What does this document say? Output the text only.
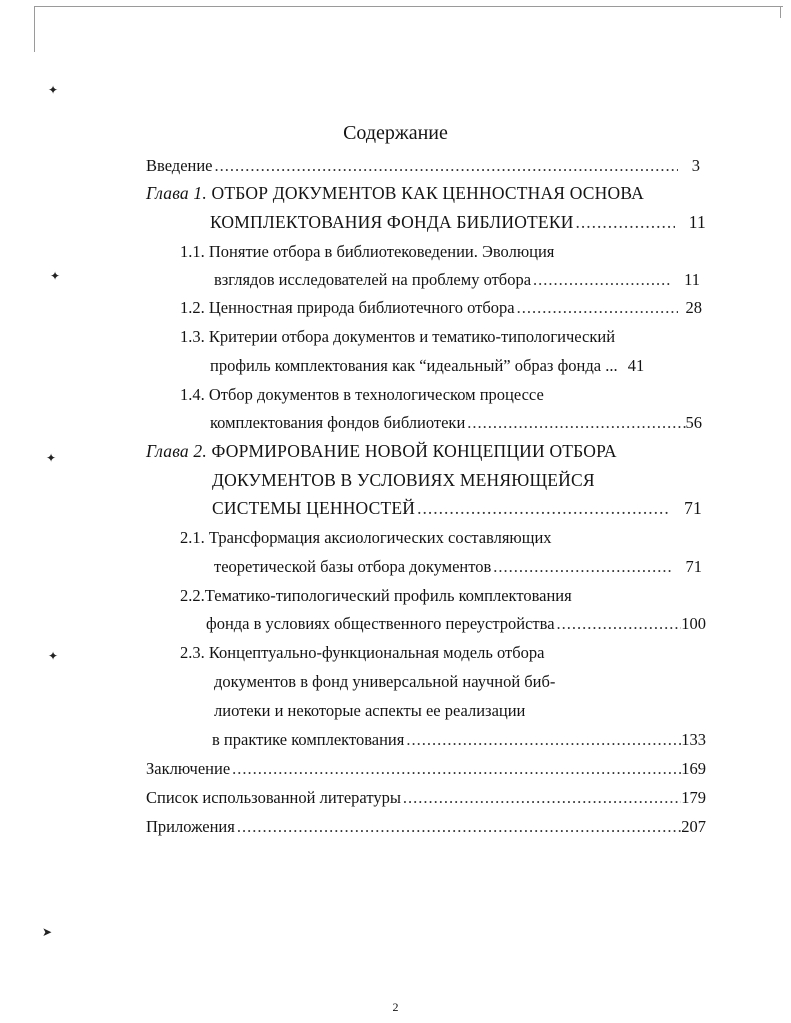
✦
✦
✦
✦
➤
Содержание
Введение .....	3
Глава 1. ОТБОР ДОКУМЕНТОВ КАК ЦЕННОСТНАЯ ОСНОВА
КОМПЛЕКТОВАНИЯ ФОНДА БИБЛИОТЕКИ .....	11
1.1. Понятие отбора в библиотековедении. Эволюция
взглядов исследователей на проблему отбора .....	11
1.2. Ценностная природа библиотечного отбора .....	28
1.3. Критерии отбора документов и тематико-типологический
профиль комплектования как “идеальный” образ фонда ... 41
1.4. Отбор документов в технологическом процессе
комплектования фондов библиотеки .....	56
Глава 2. ФОРМИРОВАНИЕ НОВОЙ КОНЦЕПЦИИ ОТБОРА
ДОКУМЕНТОВ В УСЛОВИЯХ МЕНЯЮЩЕЙСЯ
СИСТЕМЫ ЦЕННОСТЕЙ .....	71
2.1. Трансформация аксиологических составляющих
теоретической базы отбора документов .....	71
2.2.Тематико-типологический профиль комплектования
фонда в условиях общественного переустройства .....	100
2.3. Концептуально-функциональная модель отбора
документов в фонд универсальной научной биб-
лиотеки и некоторые аспекты ее реализации
в практике комплектования .....	133
Заключение .....	169
Список использованной литературы .....	179
Приложения .....	207
2
